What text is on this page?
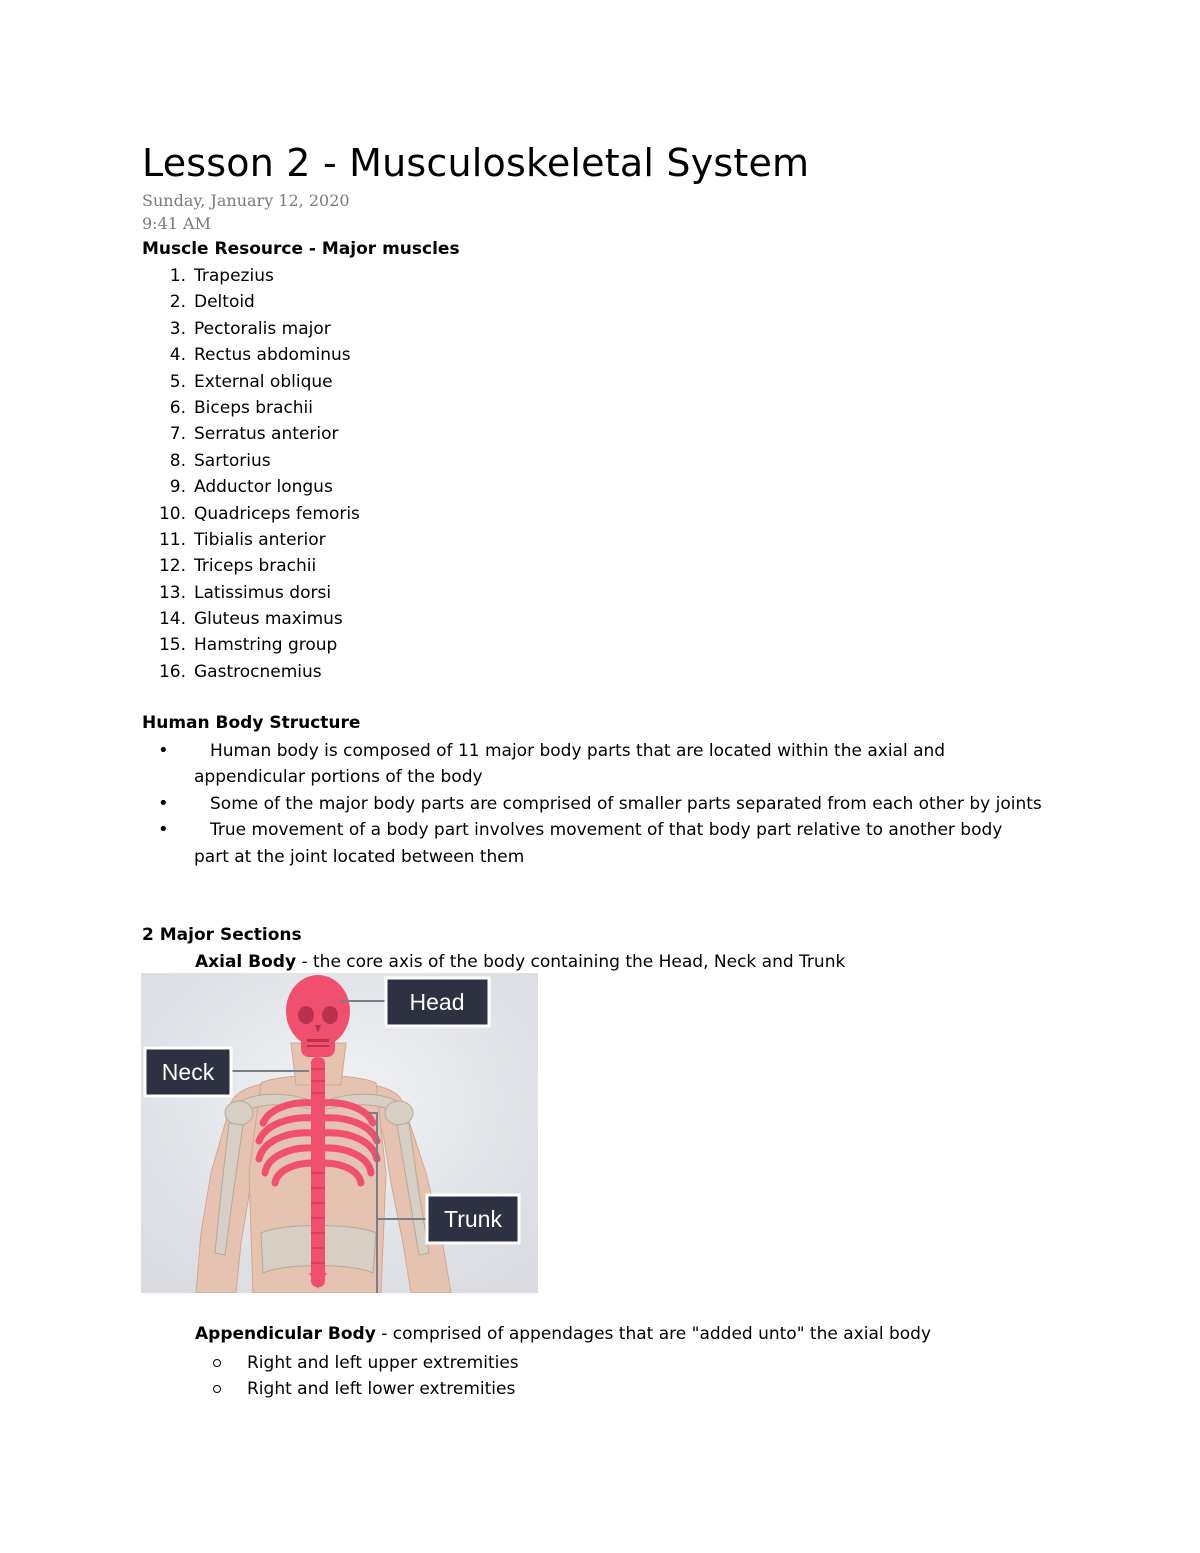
Lesson 2 - Musculoskeletal System
Sunday, January 12, 2020
9:41 AM
Muscle Resource - Major muscles
1. Trapezius
2. Deltoid
3. Pectoralis major
4. Rectus abdominus
5. External oblique
6. Biceps brachii
7. Serratus anterior
8. Sartorius
9. Adductor longus
10. Quadriceps femoris
11. Tibialis anterior
12. Triceps brachii
13. Latissimus dorsi
14. Gluteus maximus
15. Hamstring group
16. Gastrocnemius
Human Body Structure
•	Human body is composed of 11 major body parts that are located within the axial and appendicular portions of the body
•	Some of the major body parts are comprised of smaller parts separated from each other by joints
•	True movement of a body part involves movement of that body part relative to another body part at the joint located between them
2 Major Sections
Axial Body - the core axis of the body containing the Head, Neck and Trunk
Head
Neck
Trunk
Appendicular Body - comprised of appendages that are "added unto" the axial body
Right and left upper extremities
Right and left lower extremities
